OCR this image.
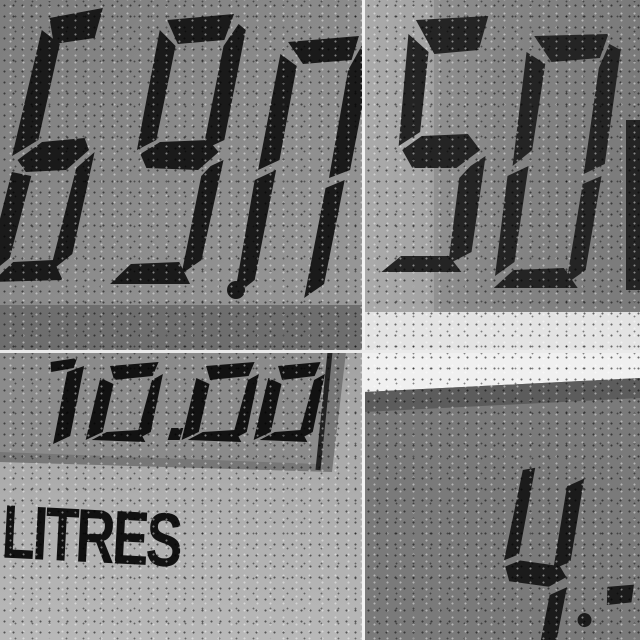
LITRES
